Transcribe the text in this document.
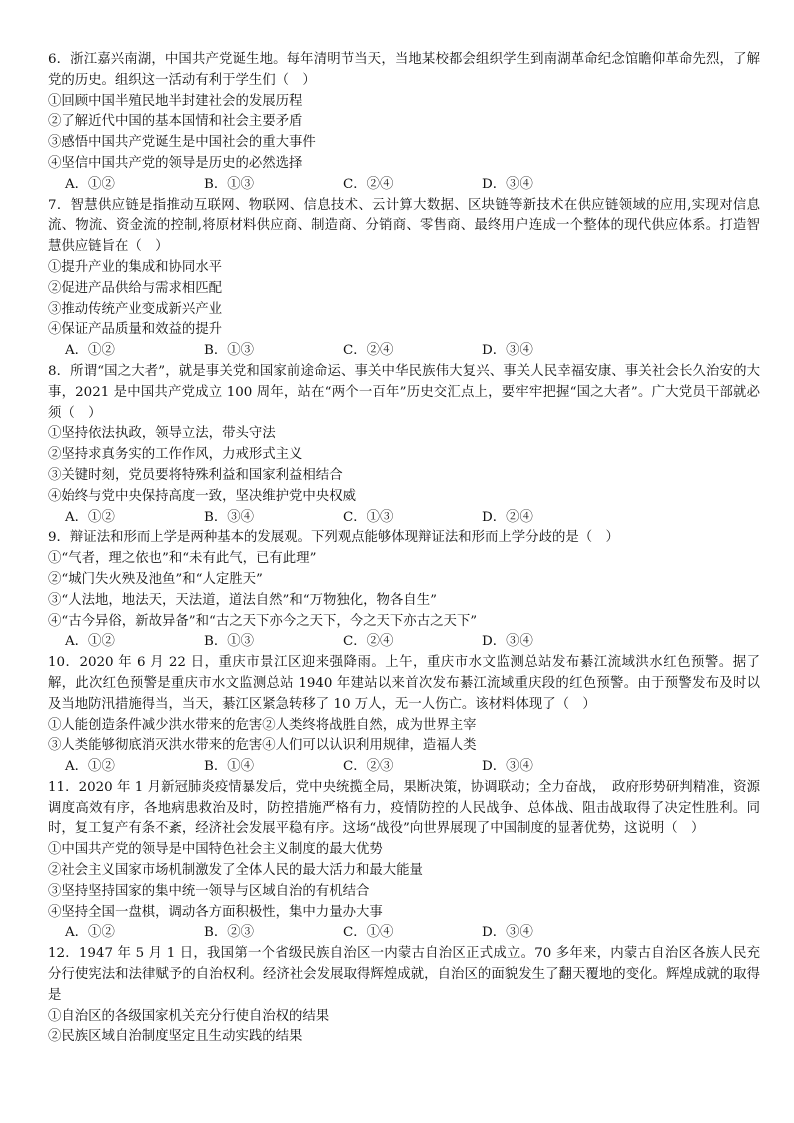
6．浙江嘉兴南湖，中国共产党诞生地。每年清明节当天，当地某校都会组织学生到南湖革命纪念馆瞻仰革命先烈，了解党的历史。组织这一活动有利于学生们（　）

①回顾中国半殖民地半封建社会的发展历程

②了解近代中国的基本国情和社会主要矛盾

③感悟中国共产党诞生是中国社会的重大事件

④坚信中国共产党的领导是历史的必然选择

A．①②	B．①③	C．②④	D．③④

7．智慧供应链是指推动互联网、物联网、信息技术、云计算大数据、区块链等新技术在供应链领域的应用,实现对信息流、物流、资金流的控制,将原材料供应商、制造商、分销商、零售商、最终用户连成一个整体的现代供应体系。打造智慧供应链旨在（　）

①提升产业的集成和协同水平

②促进产品供给与需求相匹配

③推动传统产业变成新兴产业

④保证产品质量和效益的提升

A．①②	B．①③	C．②④	D．③④

8．所谓“国之大者”，就是事关党和国家前途命运、事关中华民族伟大复兴、事关人民幸福安康、事关社会长久治安的大事，2021 是中国共产党成立 100 周年，站在“两个一百年”历史交汇点上，要牢牢把握“国之大者”。广大党员干部就必须（　）

①坚持依法执政，领导立法，带头守法

②坚持求真务实的工作作风，力戒形式主义

③关键时刻，党员要将特殊利益和国家利益相结合

④始终与党中央保持高度一致，坚决维护党中央权威

A．①②	B．③④	C．①③	D．②④

9．辩证法和形而上学是两种基本的发展观。下列观点能够体现辩证法和形而上学分歧的是（　）

①“气者，理之依也”和“未有此气，已有此理”

②“城门失火殃及池鱼”和“人定胜天”

③“人法地，地法天，天法道，道法自然”和“万物独化，物各自生”

④“古今异俗，新故异备”和“古之天下亦今之天下，今之天下亦古之天下”

A．①②	B．①③	C．②④	D．③④

10．2020 年 6 月 22 日，重庆市景江区迎来强降雨。上午，重庆市水文监测总站发布綦江流域洪水红色预警。据了解，此次红色预警是重庆市水文监测总站 1940 年建站以来首次发布綦江流域重庆段的红色预警。由于预警发布及时以及当地防汛措施得当，当天，綦江区紧急转移了 10 万人，无一人伤亡。该材料体现了（　）

①人能创造条件减少洪水带来的危害②人类终将战胜自然，成为世界主宰

③人类能够彻底消灭洪水带来的危害④人们可以认识利用规律，造福人类

A．①②	B．①④	C．②③	D．③④

11．2020 年 1 月新冠肺炎疫情暴发后，党中央统揽全局，果断决策，协调联动；全力奋战，　政府形势研判精准，资源调度高效有序，各地病患救治及时，防控措施严格有力，疫情防控的人民战争、总体战、阻击战取得了决定性胜利。同时，复工复产有条不紊，经济社会发展平稳有序。这场“战役”向世界展现了中国制度的显著优势，这说明（　）

①中国共产党的领导是中国特色社会主义制度的最大优势

②社会主义国家市场机制激发了全体人民的最大活力和最大能量

③坚持坚持国家的集中统一领导与区域自治的有机结合

④坚持全国一盘棋，调动各方面积极性，集中力量办大事

A．①②	B．②③	C．①④	D．③④

12．1947 年 5 月 1 日，我国第一个省级民族自治区一内蒙古自治区正式成立。70 多年来，内蒙古自治区各族人民充分行使宪法和法律赋予的自治权利。经济社会发展取得辉煌成就，自治区的面貌发生了翻天覆地的变化。辉煌成就的取得是

①自治区的各级国家机关充分行使自治权的结果

②民族区域自治制度坚定且生动实践的结果
